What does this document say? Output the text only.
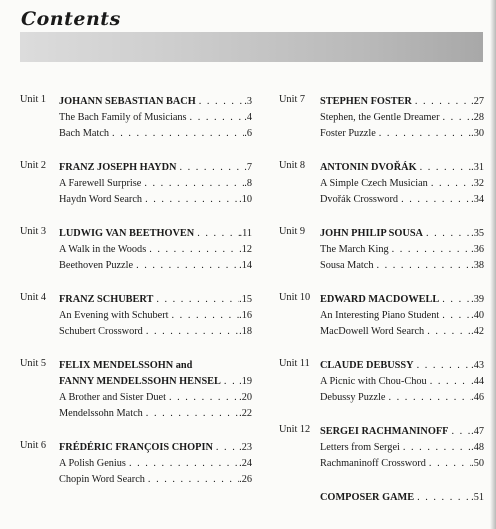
Contents
Unit 1 JOHANN SEBASTIAN BACH . . .	.3
The Bach Family of Musicians . . .	.4
Bach Match . . .	.6
Unit 2 FRANZ JOSEPH HAYDN . . .	.7
A Farewell Surprise . . .	.8
Haydn Word Search . . .	.10
Unit 3 LUDWIG VAN BEETHOVEN . . .	.11
A Walk in the Woods . . .	.12
Beethoven Puzzle . . .	.14
Unit 4 FRANZ SCHUBERT . . .	.15
An Evening with Schubert . . .	.16
Schubert Crossword . . .	.18
Unit 5 FELIX MENDELSSOHN and
FANNY MENDELSSOHN HENSEL . . . .19
A Brother and Sister Duet . . .	.20
Mendelssohn Match . . .	.22
Unit 6 FRÉDÉRIC FRANÇOIS CHOPIN . . .	.23
A Polish Genius . . .	.24
Chopin Word Search . . .	.26
Unit 7 STEPHEN FOSTER . . .	.27
Stephen, the Gentle Dreamer . . .	.28
Foster Puzzle . . .	.30
Unit 8 ANTONIN DVOŘÁK . . .	.31
A Simple Czech Musician . . .	.32
Dvořák Crossword . . .	.34
Unit 9 JOHN PHILIP SOUSA . . .	.35
The March King . . .	.36
Sousa Match . . .	.38
Unit 10 EDWARD MACDOWELL . . .	.39
An Interesting Piano Student . . .	.40
MacDowell Word Search . . .	.42
Unit 11 CLAUDE DEBUSSY . . .	.43
A Picnic with Chou-Chou . . .	.44
Debussy Puzzle . . .	.46
Unit 12 SERGEI RACHMANINOFF . . . .47
Letters from Sergei . . .	.48
Rachmaninoff Crossword . . .	.50
COMPOSER GAME . . .	.51
